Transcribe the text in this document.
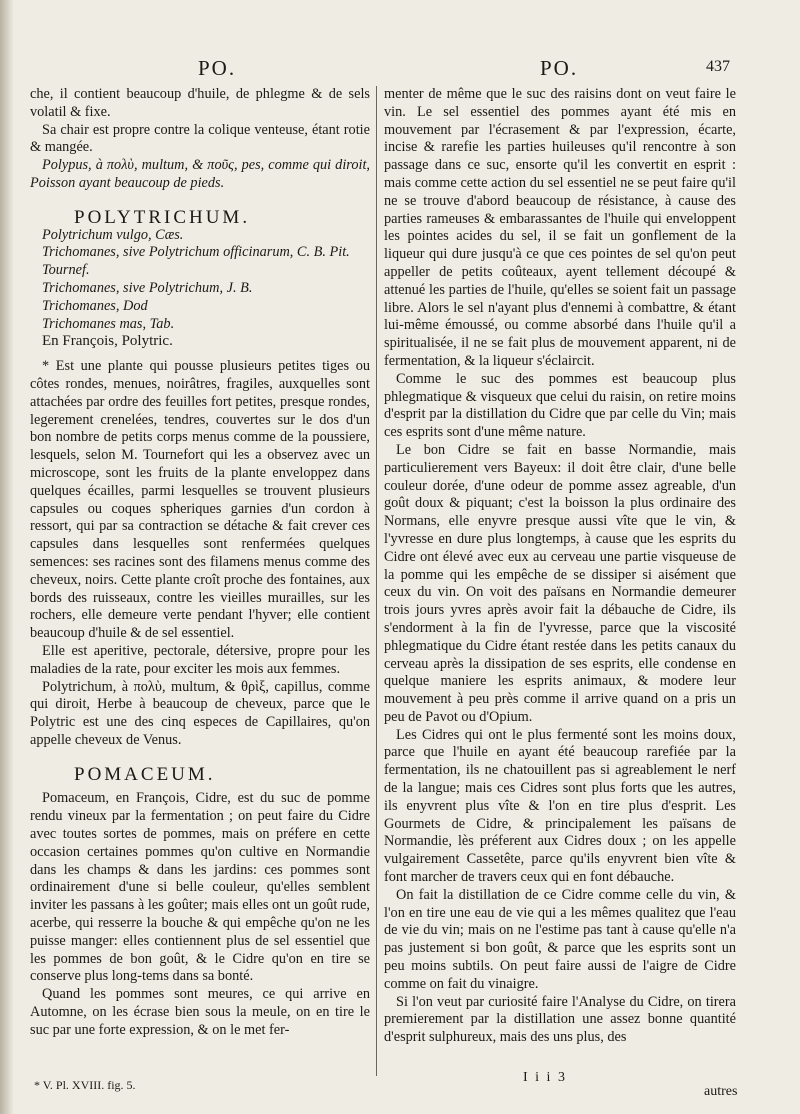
PO.	PO.	437

che, il contient beaucoup d'huile, de phlegme & de sels volatil & fixe.

Sa chair est propre contre la colique venteuse, étant rotie & mangée.

Polypus, à πολὺ, multum, & ποῦς, pes, comme qui diroit, Poisson ayant beaucoup de pieds.

POLYTRICHUM.

Polytrichum vulgo, Cæs.

Trichomanes, sive Polytrichum officinarum, C. B. Pit. Tournef.

Trichomanes, sive Polytrichum, J. B.

Trichomanes, Dod

Trichomanes mas, Tab.

En François, Polytric.

* Est une plante qui pousse plusieurs petites tiges ou côtes rondes, menues, noirâtres, fragiles, auxquelles sont attachées par ordre des feuilles fort petites, presque rondes, legerement crenelées, tendres, couvertes sur le dos d'un bon nombre de petits corps menus comme de la poussiere, lesquels, selon M. Tournefort qui les a observez avec un microscope, sont les fruits de la plante enveloppez dans quelques écailles, parmi lesquelles se trouvent plusieurs capsules ou coques spheriques garnies d'un cordon à ressort, qui par sa contraction se détache & fait crever ces capsules dans lesquelles sont renfermées quelques semences: ses racines sont des filamens menus comme des cheveux, noirs. Cette plante croît proche des fontaines, aux bords des ruisseaux, contre les vieilles murailles, sur les rochers, elle demeure verte pendant l'hyver; elle contient beaucoup d'huile & de sel essentiel.

Elle est aperitive, pectorale, détersive, propre pour les maladies de la rate, pour exciter les mois aux femmes.

Polytrichum, à πολὺ, multum, & θρὶξ, capillus, comme qui diroit, Herbe à beaucoup de cheveux, parce que le Polytric est une des cinq especes de Capillaires, qu'on appelle cheveux de Venus.

POMACEUM.

Pomaceum, en François, Cidre, est du suc de pomme rendu vineux par la fermentation ; on peut faire du Cidre avec toutes sortes de pommes, mais on préfere en cette occasion certaines pommes qu'on cultive en Normandie dans les champs & dans les jardins: ces pommes sont ordinairement d'une si belle couleur, qu'elles semblent inviter les passans à les goûter; mais elles ont un goût rude, acerbe, qui resserre la bouche & qui empêche qu'on ne les puisse manger: elles contiennent plus de sel essentiel que les pommes de bon goût, & le Cidre qu'on en tire se conserve plus long-tems dans sa bonté.

Quand les pommes sont meures, ce qui arrive en Automne, on les écrase bien sous la meule, on en tire le suc par une forte expression, & on le met fer-

menter de même que le suc des raisins dont on veut faire le vin. Le sel essentiel des pommes ayant été mis en mouvement par l'écrasement & par l'expression, écarte, incise & rarefie les parties huileuses qu'il rencontre à son passage dans ce suc, ensorte qu'il les convertit en esprit : mais comme cette action du sel essentiel ne se peut faire qu'il ne se trouve d'abord beaucoup de résistance, à cause des parties rameuses & embarassantes de l'huile qui enveloppent les pointes acides du sel, il se fait un gonflement de la liqueur qui dure jusqu'à ce que ces pointes de sel qu'on peut appeller de petits coûteaux, ayent tellement découpé & attenué les parties de l'huile, qu'elles se soient fait un passage libre. Alors le sel n'ayant plus d'ennemi à combattre, & étant lui-même émoussé, ou comme absorbé dans l'huile qu'il a spiritualisée, il ne se fait plus de mouvement apparent, ni de fermentation, & la liqueur s'éclaircit.

Comme le suc des pommes est beaucoup plus phlegmatique & visqueux que celui du raisin, on retire moins d'esprit par la distillation du Cidre que par celle du Vin; mais ces esprits sont d'une même nature.

Le bon Cidre se fait en basse Normandie, mais particulierement vers Bayeux: il doit être clair, d'une belle couleur dorée, d'une odeur de pomme assez agreable, d'un goût doux & piquant; c'est la boisson la plus ordinaire des Normans, elle enyvre presque aussi vîte que le vin, & l'yvresse en dure plus longtemps, à cause que les esprits du Cidre ont élevé avec eux au cerveau une partie visqueuse de la pomme qui les empêche de se dissiper si aisément que ceux du vin. On voit des païsans en Normandie demeurer trois jours yvres après avoir fait la débauche de Cidre, ils s'endorment à la fin de l'yvresse, parce que la viscosité phlegmatique du Cidre étant restée dans les petits canaux du cerveau après la dissipation de ses esprits, elle condense en quelque maniere les esprits animaux, & modere leur mouvement à peu près comme il arrive quand on a pris un peu de Pavot ou d'Opium.

Les Cidres qui ont le plus fermenté sont les moins doux, parce que l'huile en ayant été beaucoup rarefiée par la fermentation, ils ne chatouillent pas si agreablement le nerf de la langue; mais ces Cidres sont plus forts que les autres, ils enyvrent plus vîte & l'on en tire plus d'esprit. Les Gourmets de Cidre, & principalement les païsans de Normandie, lès préferent aux Cidres doux ; on les appelle vulgairement Cassetête, parce qu'ils enyvrent bien vîte & font marcher de travers ceux qui en font débauche.

On fait la distillation de ce Cidre comme celle du vin, & l'on en tire une eau de vie qui a les mêmes qualitez que l'eau de vie du vin; mais on ne l'estime pas tant à cause qu'elle n'a pas justement si bon goût, & parce que les esprits sont un peu moins subtils. On peut faire aussi de l'aigre de Cidre comme on fait du vinaigre.

Si l'on veut par curiosité faire l'Analyse du Cidre, on tirera premierement par la distillation une assez bonne quantité d'esprit sulphureux, mais des uns plus, des

* V. Pl. XVIII. fig. 5.	I i i 3
autres
